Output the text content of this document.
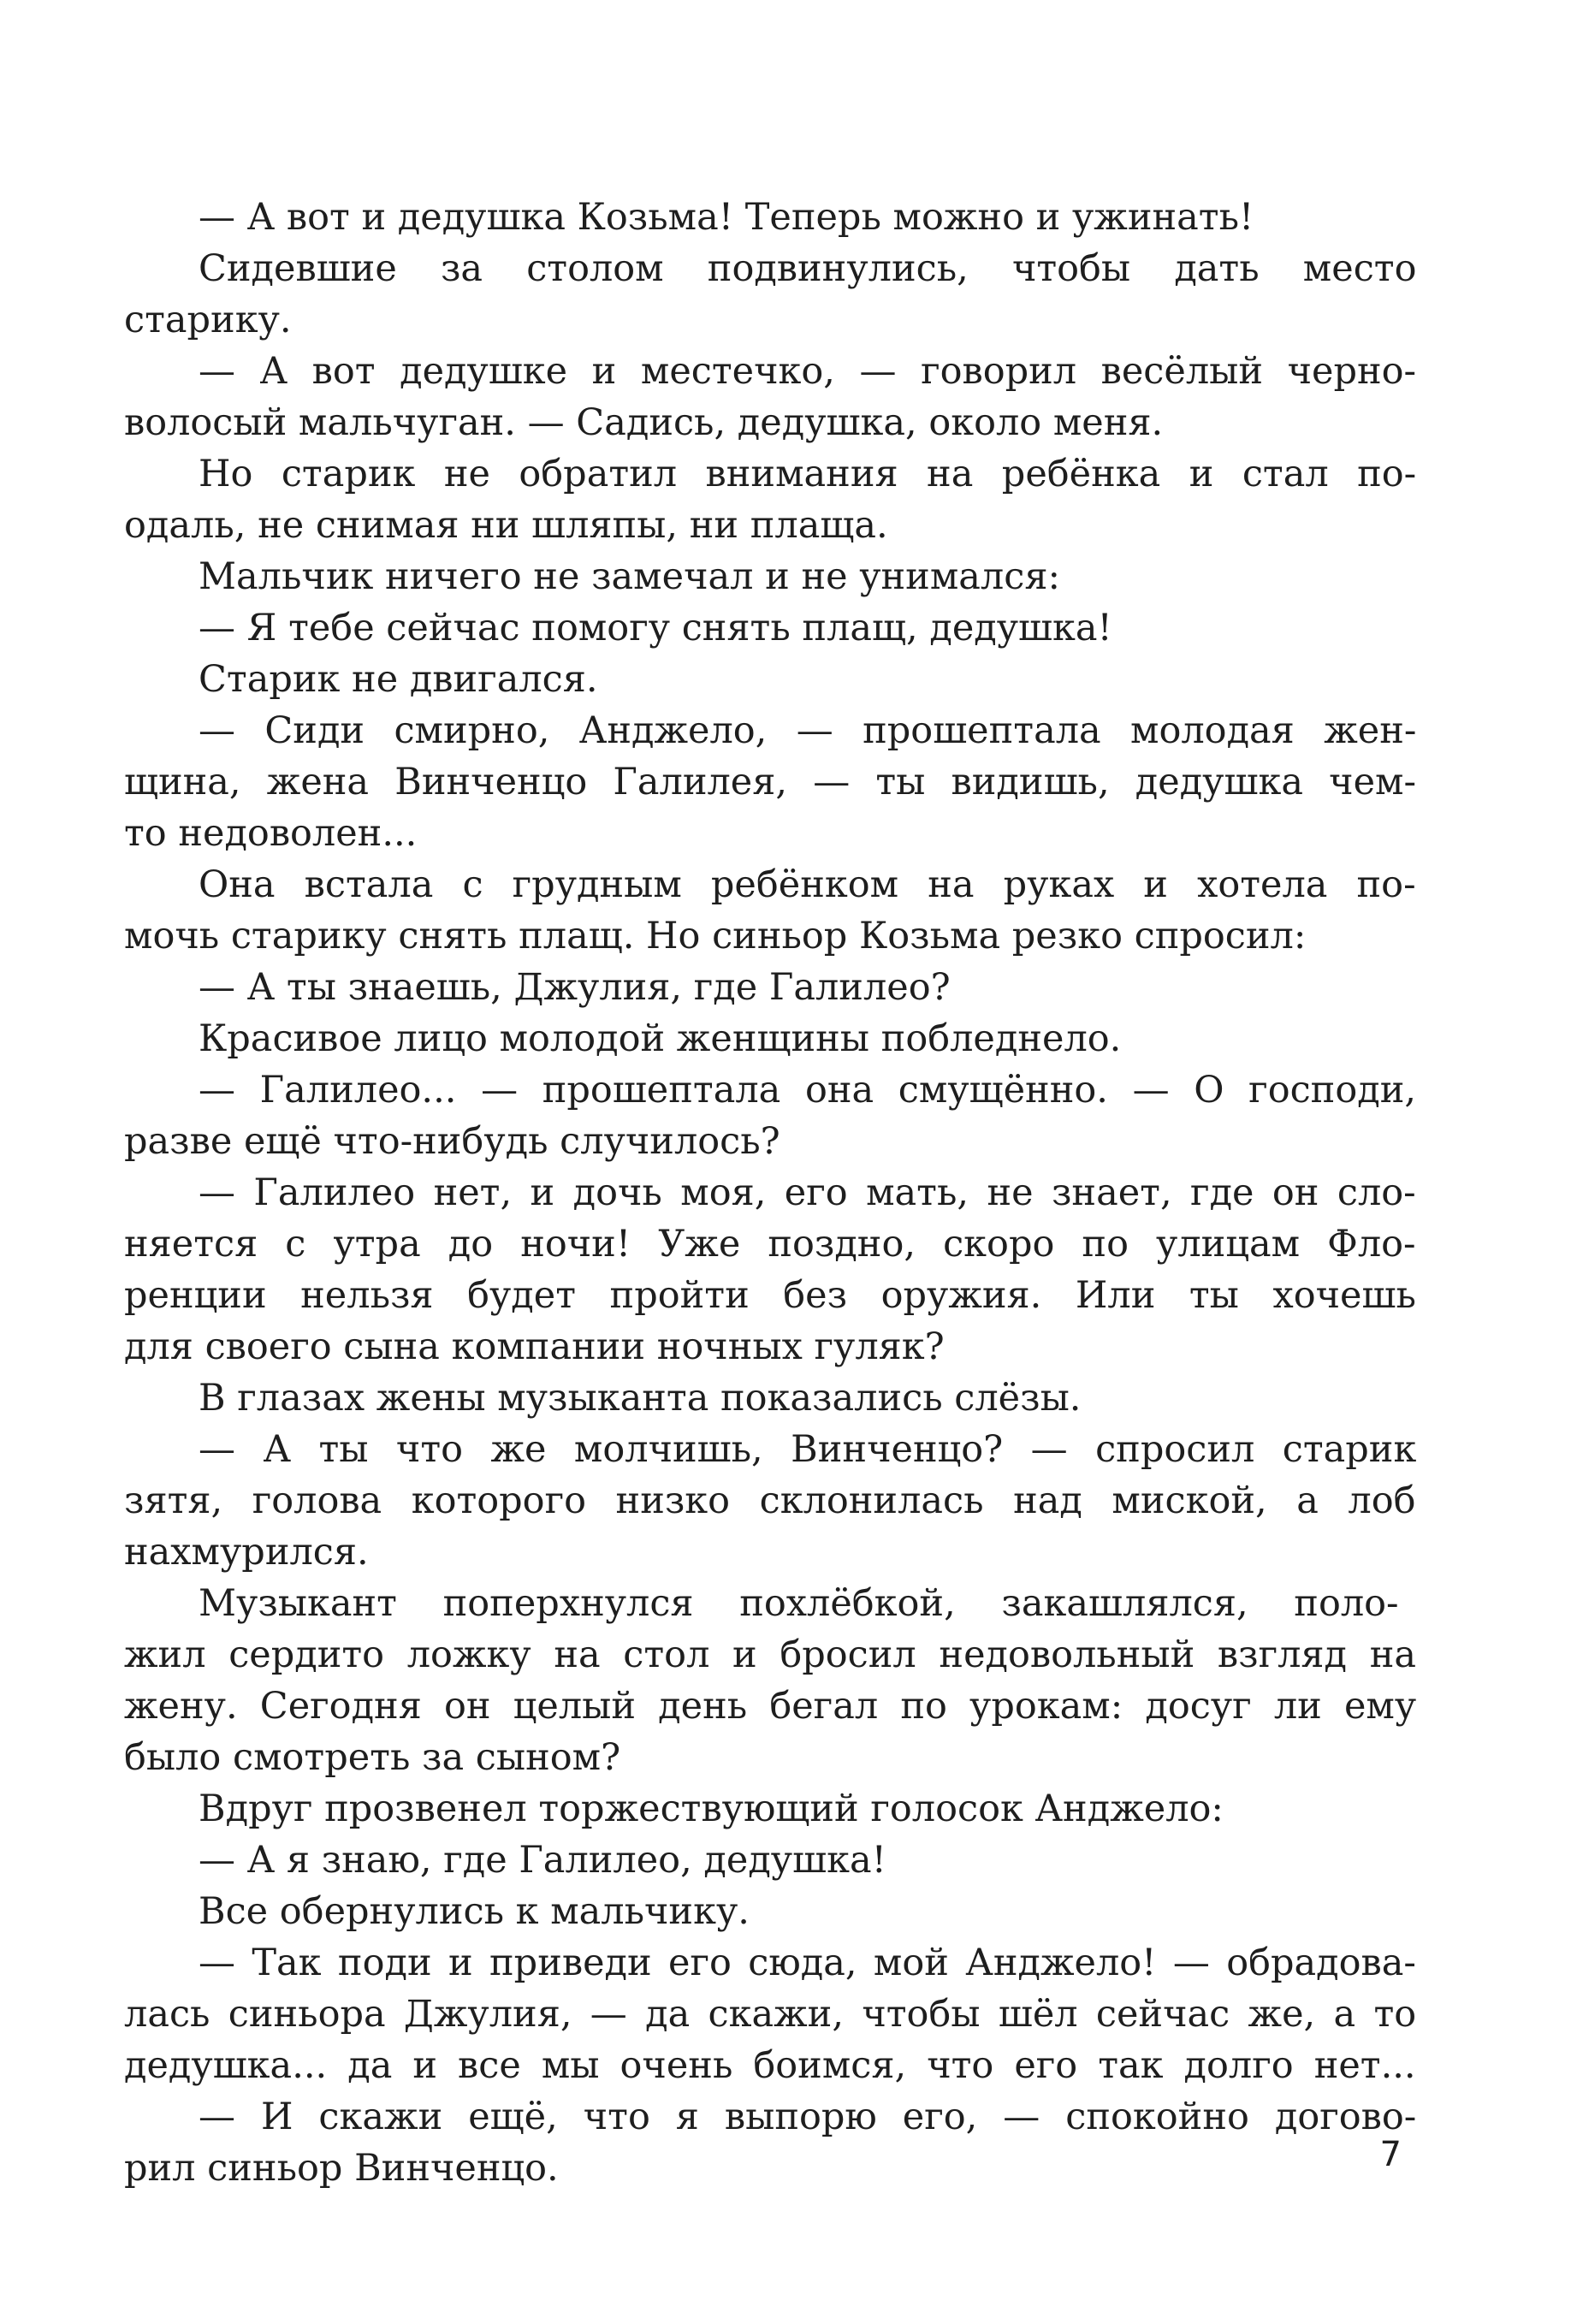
— А вот и дедушка Козьма! Теперь можно и ужинать!
Сидевшие за столом подвинулись, чтобы дать место
старику.
— А вот дедушке и местечко, — говорил весёлый черно-
волосый мальчуган. — Садись, дедушка, около меня.
Но старик не обратил внимания на ребёнка и стал по-
одаль, не снимая ни шляпы, ни плаща.
Мальчик ничего не замечал и не унимался:
— Я тебе сейчас помогу снять плащ, дедушка!
Старик не двигался.
— Сиди смирно, Анджело, — прошептала молодая жен-
щина, жена Винченцо Галилея, — ты видишь, дедушка чем-
то недоволен...
Она встала с грудным ребёнком на руках и хотела по-
мочь старику снять плащ. Но синьор Козьма резко спросил:
— А ты знаешь, Джулия, где Галилео?
Красивое лицо молодой женщины побледнело.
— Галилео... — прошептала она смущённо. — О господи,
разве ещё что-нибудь случилось?
— Галилео нет, и дочь моя, его мать, не знает, где он сло-
няется с утра до ночи! Уже поздно, скоро по улицам Фло-
ренции нельзя будет пройти без оружия. Или ты хочешь
для своего сына компании ночных гуляк?
В глазах жены музыканта показались слёзы.
— А ты что же молчишь, Винченцо? — спросил старик
зятя, голова которого низко склонилась над миской, а лоб
нахмурился.
Музыкант поперхнулся похлёбкой, закашлялся, поло-
жил сердито ложку на стол и бросил недовольный взгляд на
жену. Сегодня он целый день бегал по урокам: досуг ли ему
было смотреть за сыном?
Вдруг прозвенел торжествующий голосок Анджело:
— А я знаю, где Галилео, дедушка!
Все обернулись к мальчику.
— Так поди и приведи его сюда, мой Анджело! — обрадова-
лась синьора Джулия, — да скажи, чтобы шёл сейчас же, а то
дедушка... да и все мы очень боимся, что его так долго нет...
— И скажи ещё, что я выпорю его, — спокойно догово-
рил синьор Винченцо.	7
